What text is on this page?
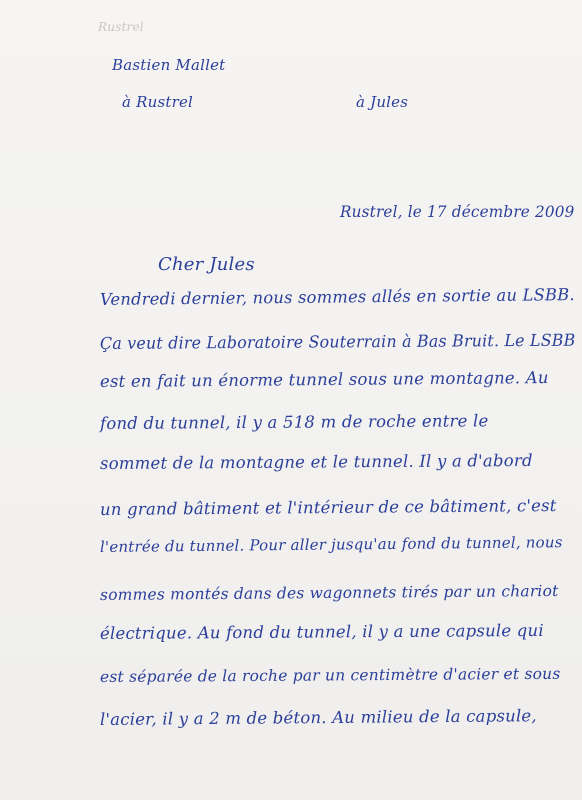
Rustrel
Bastien Mallet
à Rustrel	à Jules
Rustrel, le 17 décembre 2009
Cher Jules
Vendredi dernier, nous sommes allés en sortie au LSBB.
Ça veut dire Laboratoire Souterrain à Bas Bruit. Le LSBB
est en fait un énorme tunnel sous une montagne. Au
fond du tunnel, il y a 518 m de roche entre le
sommet de la montagne et le tunnel. Il y a d'abord
un grand bâtiment et l'intérieur de ce bâtiment, c'est
l'entrée du tunnel. Pour aller jusqu'au fond du tunnel, nous
sommes montés dans des wagonnets tirés par un chariot
électrique. Au fond du tunnel, il y a une capsule qui
est séparée de la roche par un centimètre d'acier et sous
l'acier, il y a 2 m de béton. Au milieu de la capsule,
